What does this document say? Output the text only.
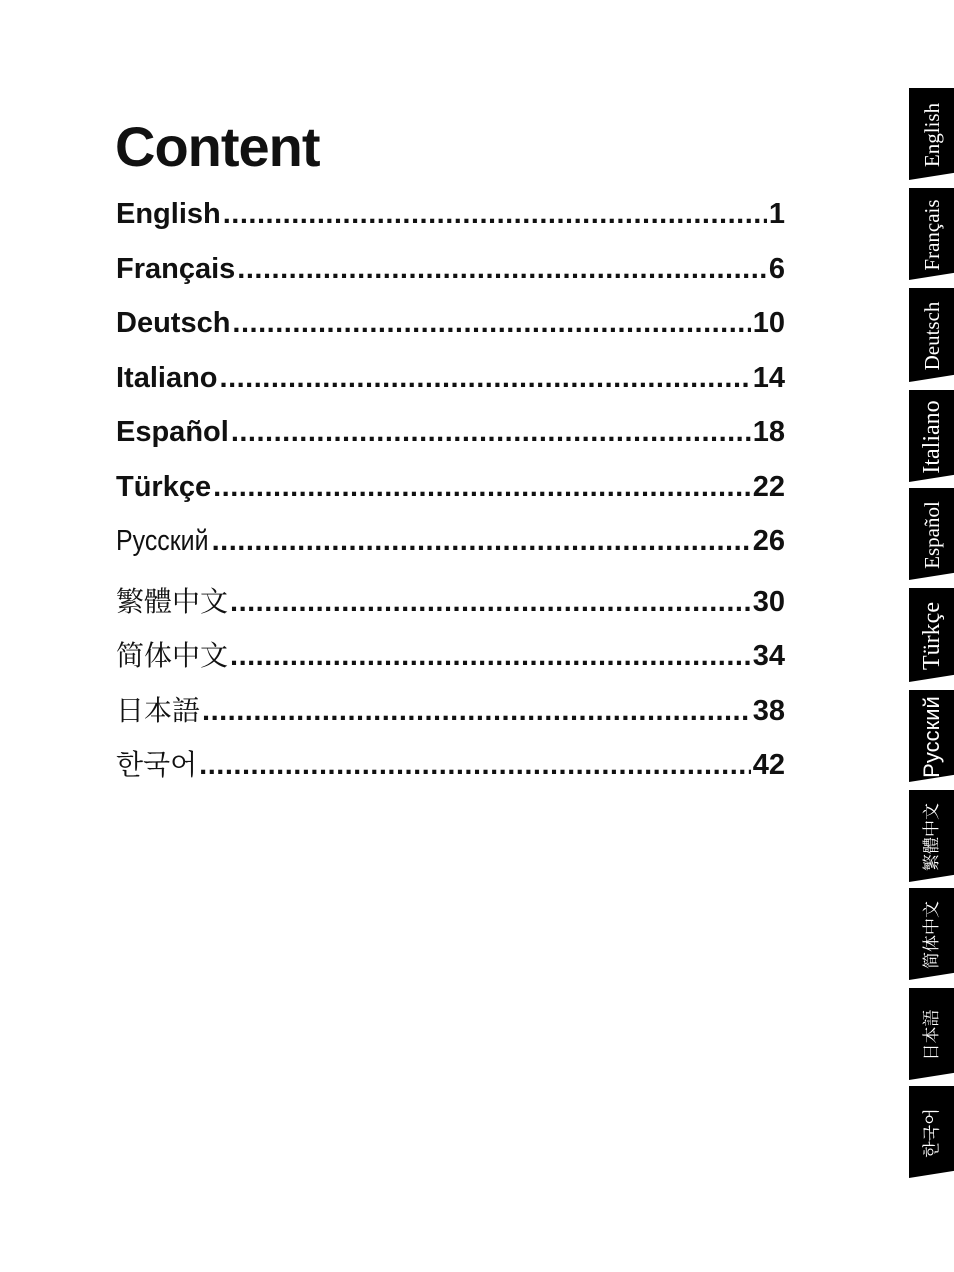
Content
English .....	1
Français .....	6
Deutsch .....	10
Italiano .....	14
Español .....	18
Türkçe .....	22
Русский .....	26
繁體中文 .....	30
简体中文 .....	34
日本語 .....	38
한국어 .....	42
English
Français
Deutsch
Italiano
Español
Türkçe
Русский
繁體中文
简体中文
日本語
한국어
